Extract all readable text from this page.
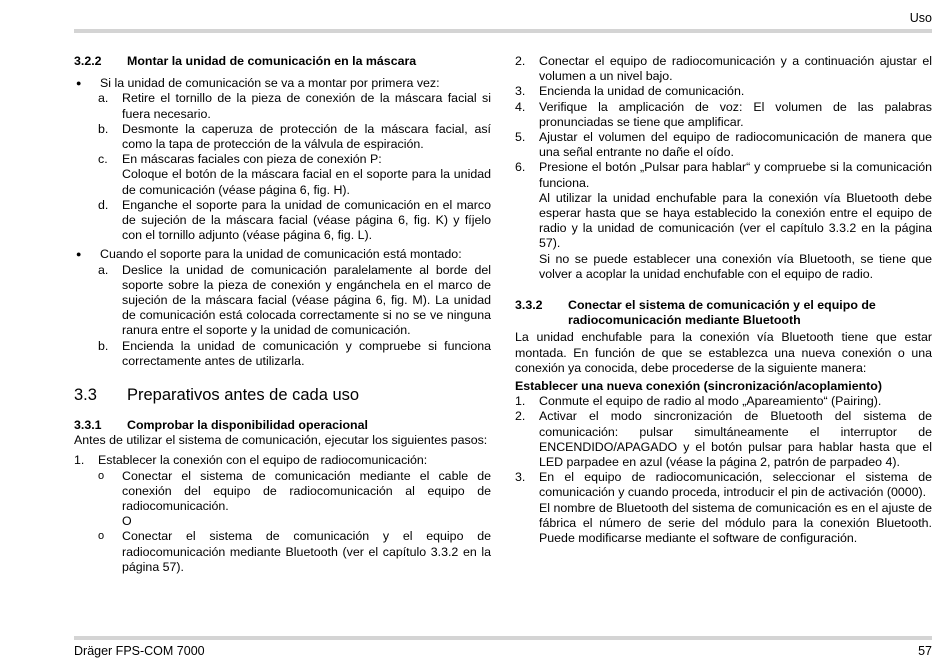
Uso
3.2.2	Montar la unidad de comunicación en la máscara
●	Si la unidad de comunicación se va a montar por primera vez:
a.	Retire el tornillo de la pieza de conexión de la máscara facial si fuera necesario.
b.	Desmonte la caperuza de protección de la máscara facial, así como la tapa de protección de la válvula de espiración.
c.	En máscaras faciales con pieza de conexión P:
Coloque el botón de la máscara facial en el soporte para la unidad de comunicación (véase página 6, fig. H).
d.	Enganche el soporte para la unidad de comunicación en el marco de sujeción de la máscara facial (véase página 6, fig. K) y fíjelo con el tornillo adjunto (véase página 6, fig. L).
●	Cuando el soporte para la unidad de comunicación está montado:
a.	Deslice la unidad de comunicación paralelamente al borde del soporte sobre la pieza de conexión y engánchela en el marco de sujeción de la máscara facial (véase página 6, fig. M). La unidad de comunicación está colocada correctamente si no se ve ninguna ranura entre el soporte y la unidad de comunicación.
b.	Encienda la unidad de comunicación y compruebe si funciona correctamente antes de utilizarla.
3.3	Preparativos antes de cada uso
3.3.1	Comprobar la disponibilidad operacional

Antes de utilizar el sistema de comunicación, ejecutar los siguientes pasos:

1.	Establecer la conexión con el equipo de radiocomunicación:
o	Conectar el sistema de comunicación mediante el cable de conexión del equipo de radiocomunicación al equipo de radiocomunicación.
O
o	Conectar el sistema de comunicación y el equipo de radiocomunicación mediante Bluetooth (ver el capítulo 3.3.2 en la página 57).
2.	Conectar el equipo de radiocomunicación y a continuación ajustar el volumen a un nivel bajo.
3.	Encienda la unidad de comunicación.
4.	Verifique la amplicación de voz: El volumen de las palabras pronunciadas se tiene que amplificar.
5.	Ajustar el volumen del equipo de radiocomunicación de manera que una señal entrante no dañe el oído.
6.	Presione el botón „Pulsar para hablar“ y compruebe si la comunicación funciona.
Al utilizar la unidad enchufable para la conexión vía Bluetooth debe esperar hasta que se haya establecido la conexión entre el equipo de radio y la unidad de comunicación (ver el capítulo 3.3.2 en la página 57).
Si no se puede establecer una conexión vía Bluetooth, se tiene que volver a acoplar la unidad enchufable con el equipo de radio.
3.3.2	Conectar el sistema de comunicación y el equipo de radiocomunicación mediante Bluetooth

La unidad enchufable para la conexión vía Bluetooth tiene que estar montada. En función de que se establezca una nueva conexión o una conexión ya conocida, debe procederse de la siguiente manera:

Establecer una nueva conexión (sincronización/acoplamiento)

1.	Conmute el equipo de radio al modo „Apareamiento“ (Pairing).
2.	Activar el modo sincronización de Bluetooth del sistema de comunicación: pulsar simultáneamente el interruptor de ENCENDIDO/APAGADO y el botón pulsar para hablar hasta que el LED parpadee en azul (véase la página 2, patrón de parpadeo 4).
3.	En el equipo de radiocomunicación, seleccionar el sistema de comunicación y cuando proceda, introducir el pin de activación (0000).
El nombre de Bluetooth del sistema de comunicación es en el ajuste de fábrica el número de serie del módulo para la conexión Bluetooth. Puede modificarse mediante el software de configuración.
Dräger FPS-COM 7000	57
